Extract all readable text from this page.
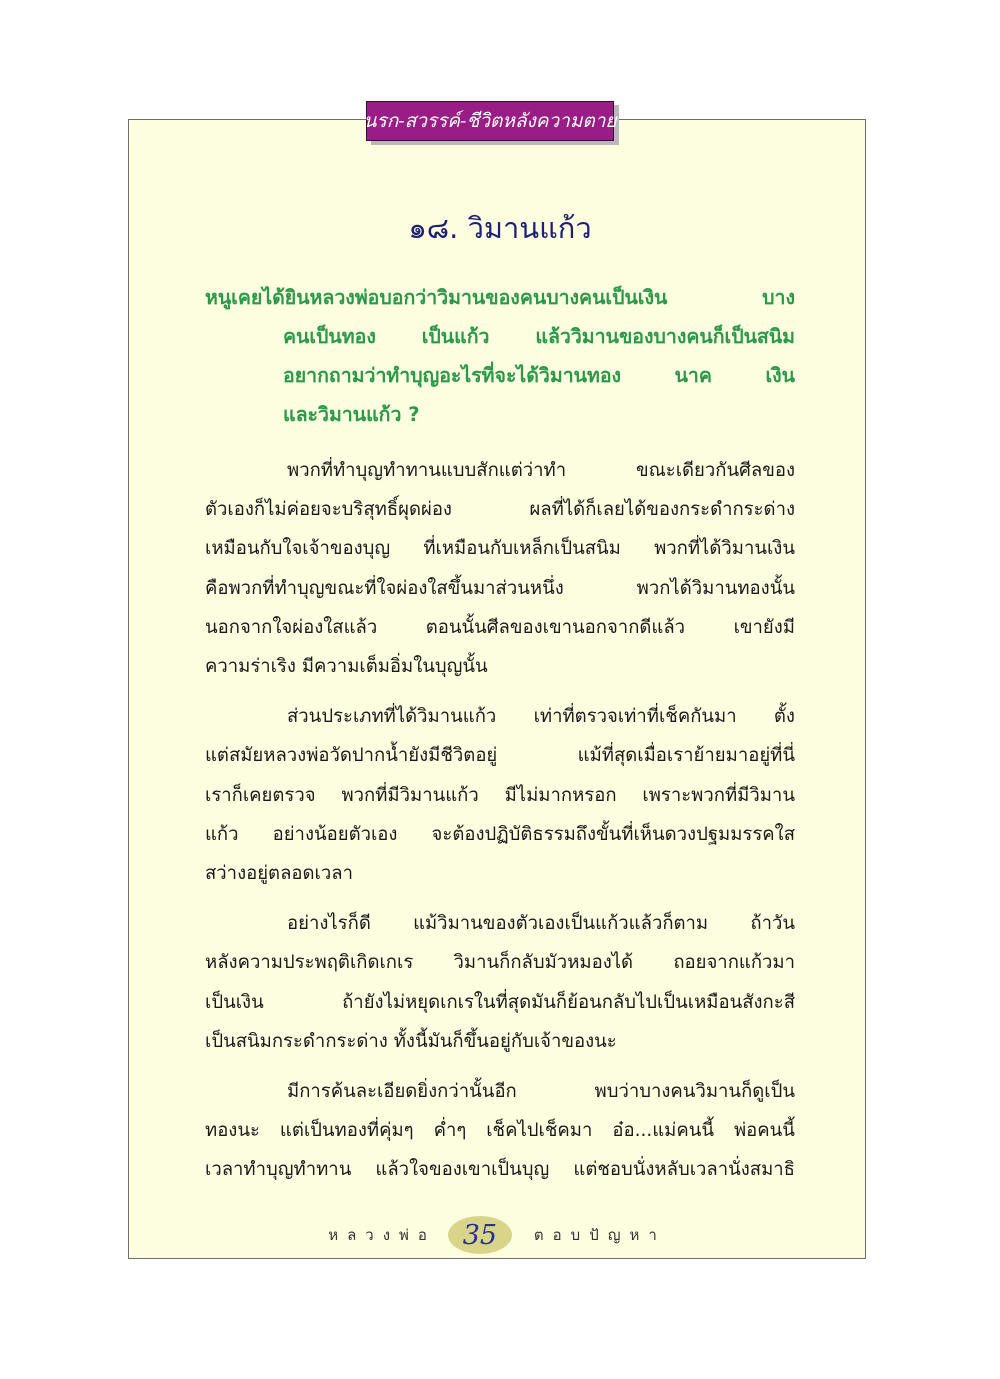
นรก-สวรรค์-ชีวิตหลังความตาย
๑๘. วิมานแก้ว
หนูเคยได้ยินหลวงพ่อบอกว่าวิมานของคนบางคนเป็นเงิน	บาง
คนเป็นทอง เป็นแก้ว แล้ววิมานของบางคนก็เป็นสนิม
อยากถามว่าทำบุญอะไรที่จะได้วิมานทอง	นาค	เงิน
และวิมานแก้ว ?
พวกที่ทำบุญทำทานแบบสักแต่ว่าทำ	ขณะเดียวกันศีลของ
ตัวเองก็ไม่ค่อยจะบริสุทธิ์ผุดผ่อง	ผลที่ได้ก็เลยได้ของกระดำกระด่าง
เหมือนกับใจเจ้าของบุญ ที่เหมือนกับเหล็กเป็นสนิม พวกที่ได้วิมานเงิน
คือพวกที่ทำบุญขณะที่ใจผ่องใสขึ้นมาส่วนหนึ่ง	พวกได้วิมานทองนั้น
นอกจากใจผ่องใสแล้ว	ตอนนั้นศีลของเขานอกจากดีแล้ว	เขายังมี
ความร่าเริง มีความเต็มอิ่มในบุญนั้น
ส่วนประเภทที่ได้วิมานแก้ว เท่าที่ตรวจเท่าที่เช็คกันมา ตั้ง
แต่สมัยหลวงพ่อวัดปากน้ำยังมีชีวิตอยู่	แม้ที่สุดเมื่อเราย้ายมาอยู่ที่นี่
เราก็เคยตรวจ พวกที่มีวิมานแก้ว มีไม่มากหรอก เพราะพวกที่มีวิมาน
แก้ว อย่างน้อยตัวเอง จะต้องปฏิบัติธรรมถึงขั้นที่เห็นดวงปฐมมรรคใส
สว่างอยู่ตลอดเวลา
อย่างไรก็ดี แม้วิมานของตัวเองเป็นแก้วแล้วก็ตาม ถ้าวัน
หลังความประพฤติเกิดเกเร วิมานก็กลับมัวหมองได้ ถอยจากแก้วมา
เป็นเงิน	ถ้ายังไม่หยุดเกเรในที่สุดมันก็ย้อนกลับไปเป็นเหมือนสังกะสี
เป็นสนิมกระดำกระด่าง ทั้งนี้มันก็ขึ้นอยู่กับเจ้าของนะ
มีการค้นละเอียดยิ่งกว่านั้นอีก	พบว่าบางคนวิมานก็ดูเป็น
ทองนะ แต่เป็นทองที่คุ่มๆ ค่ำๆ เช็คไปเช็คมา อ๋อ...แม่คนนี้ พ่อคนนี้
เวลาทำบุญทำทาน แล้วใจของเขาเป็นบุญ แต่ชอบนั่งหลับเวลานั่งสมาธิ
หลวงพ่อ 35 ตอบปัญหา
